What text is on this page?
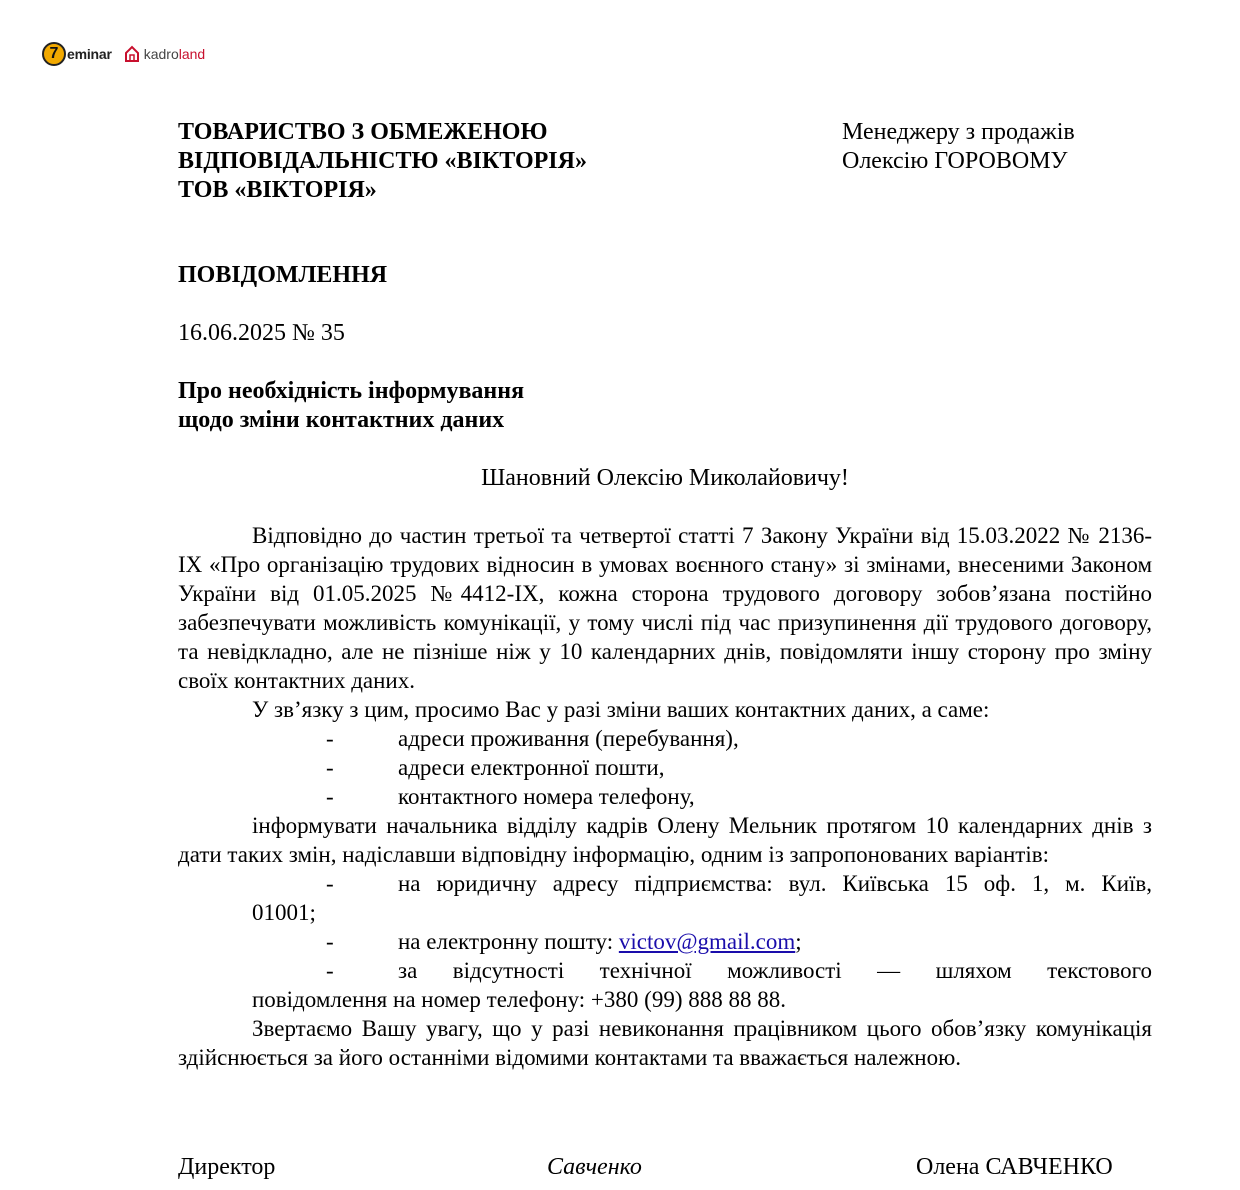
7 eminar kadroland
ТОВАРИСТВО З ОБМЕЖЕНОЮ
ВІДПОВІДАЛЬНІСТЮ «ВІКТОРІЯ»
ТОВ «ВІКТОРІЯ»
Менеджеру з продажів
Олексію ГОРОВОМУ
ПОВІДОМЛЕННЯ
16.06.2025 № 35
Про необхідність інформування
щодо зміни контактних даних
Шановний Олексію Миколайовичу!

Відповідно до частин третьої та четвертої статті 7 Закону України від 15.03.2022 № 2136-IX «Про організацію трудових відносин в умовах воєнного стану» зі змінами, внесеними Законом України від 01.05.2025 №4412-IX, кожна сторона трудового договору зобов’язана постійно забезпечувати можливість комунікації, у тому числі під час призупинення дії трудового договору, та невідкладно, але не пізніше ніж у 10 календарних днів, повідомляти іншу сторону про зміну своїх контактних даних.

У зв’язку з цим, просимо Вас у разі зміни ваших контактних даних, а саме:

-	адреси проживання (перебування),
-	адреси електронної пошти,
-	контактного номера телефону,

інформувати начальника відділу кадрів Олену Мельник протягом 10 календарних днів з дати таких змін, надіславши відповідну інформацію, одним із запропонованих варіантів:

-	на юридичну адресу підприємства: вул. Київська 15 оф. 1, м. Київ,

01001;

-	на електронну пошту: victov@gmail.com;
-	за відсутності технічної можливості — шляхом текстового

повідомлення на номер телефону: +380 (99) 888 88 88.

Звертаємо Вашу увагу, що у разі невиконання працівником цього обов’язку комунікація здійснюється за його останніми відомими контактами та вважається належною.

Директор	Савченко	Олена САВЧЕНКО
